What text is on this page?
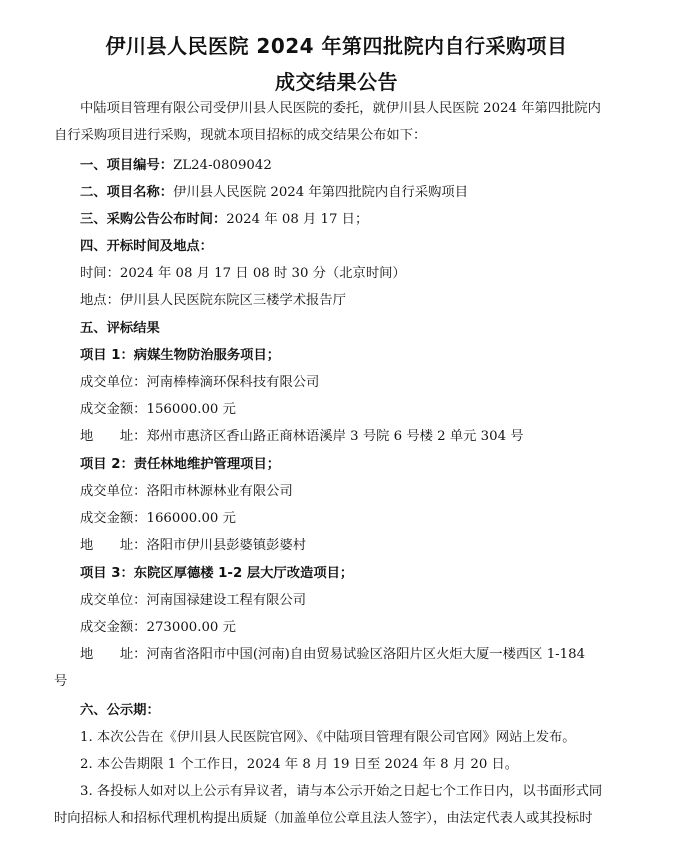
伊川县人民医院 2024 年第四批院内自行采购项目
成交结果公告
中陆项目管理有限公司受伊川县人民医院的委托，就伊川县人民医院 2024 年第四批院内
自行采购项目进行采购，现就本项目招标的成交结果公布如下：
一、项目编号：ZL24-0809042
二、项目名称：伊川县人民医院 2024 年第四批院内自行采购项目
三、采购公告公布时间：2024 年 08 月 17 日；
四、开标时间及地点：
时间：2024 年 08 月 17 日 08 时 30 分（北京时间）
地点：伊川县人民医院东院区三楼学术报告厅
五、评标结果
项目 1：病媒生物防治服务项目；
成交单位：河南棒棒滴环保科技有限公司
成交金额：156000.00 元
地　　址：郑州市惠济区香山路正商林语溪岸 3 号院 6 号楼 2 单元 304 号
项目 2：责任林地维护管理项目；
成交单位：洛阳市林源林业有限公司
成交金额：166000.00 元
地　　址：洛阳市伊川县彭婆镇彭婆村
项目 3：东院区厚德楼 1-2 层大厅改造项目；
成交单位：河南国禄建设工程有限公司
成交金额：273000.00 元
地　　址：河南省洛阳市中国(河南)自由贸易试验区洛阳片区火炬大厦一楼西区 1-184
号
六、公示期：
1. 本次公告在《伊川县人民医院官网》、《中陆项目管理有限公司官网》网站上发布。
2. 本公告期限 1 个工作日，2024 年 8 月 19 日至 2024 年 8 月 20 日。
3. 各投标人如对以上公示有异议者，请与本公示开始之日起七个工作日内，以书面形式同
时向招标人和招标代理机构提出质疑（加盖单位公章且法人签字），由法定代表人或其投标时
